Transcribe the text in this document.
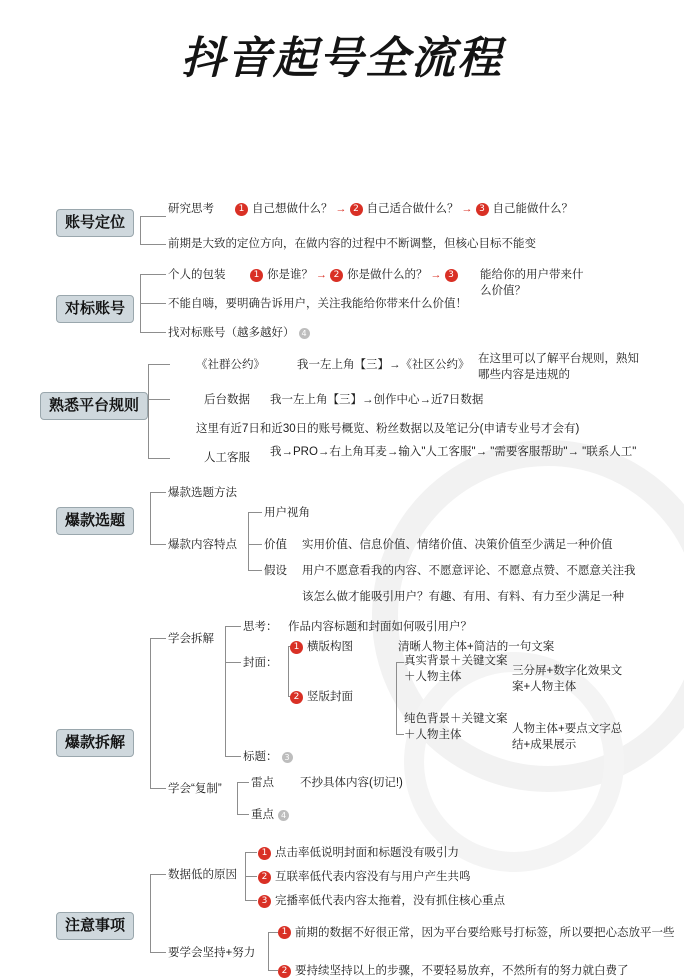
抖音起号全流程
账号定位
研究思考	1 自己想做什么？ → 2 自己适合做什么？ → 3 自己能做什么？
前期是大致的定位方向，在做内容的过程中不断调整，但核心目标不能变
对标账号
个人的包装	1 你是谁？ → 2 你是做什么的？ → 3	能给你的用户带来什么价值？
不能自嗨，要明确告诉用户，关注我能给你带来什么价值！
找对标账号（越多越好） 4
熟悉平台规则
《社群公约》	我一左上角【三】→《社区公约》 在这里可以了解平台规则，熟知哪些内容是违规的
后台数据 我一左上角【三】→创作中心→近7日数据
这里有近7日和近30日的账号概览、粉丝数据以及笔记分(申请专业号才会有)
人工客服 我→PRO→右上角耳麦→输入"人工客服"→ "需要客服帮助"→ "联系人工"
爆款选题
爆款选题方法
爆款内容特点
用户视角
价值 实用价值、信息价值、情绪价值、决策价值至少满足一种价值
假设 用户不愿意看我的内容、不愿意评论、不愿意点赞、不愿意关注我
该怎么做才能吸引用户？有趣、有用、有料、有力至少满足一种
爆款拆解
学会拆解
思考： 作品内容标题和封面如何吸引用户？
封面：
1 横版构图	清晰人物主体+简洁的一句文案
2 竖版封面
真实背景＋关键文案＋人物主体	三分屏+数字化效果文案+人物主体
纯色背景＋关键文案＋人物主体	人物主体+要点文字总结+成果展示
标题： 3
学会“复制”	雷点 不抄具体内容(切记!)
重点 4
注意事项
数据低的原因
1 点击率低说明封面和标题没有吸引力
2 互联率低代表内容没有与用户产生共鸣
3 完播率低代表内容太拖着，没有抓住核心重点
要学会坚持+努力
1 前期的数据不好很正常，因为平台要给账号打标签，所以要把心态放平一些
2 要持续坚持以上的步骤，不要轻易放弃，不然所有的努力就白费了
